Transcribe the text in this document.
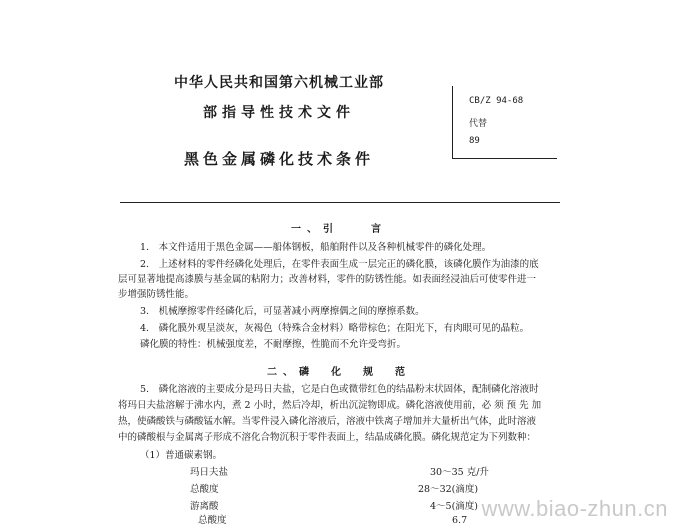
中华人民共和国第六机械工业部
部指导性技术文件
CB/Z 94-68
代替
89
黑色金属磷化技术条件
一、引　　言
1.　本文件适用于黑色金属——船体钢板，船舶附件以及各种机械零件的磷化处理。
2.　上述材料的零件经磷化处理后，在零件表面生成一层完正的磷化膜，该磷化膜作为油漆的底
层可显著地提高漆膜与基金属的粘附力；改善材料，零件的防锈性能。如表面经浸油后可使零件进一
步增强防锈性能。
3.　机械摩擦零件经磷化后，可显著减小两摩擦偶之间的摩擦系数。
4.　磷化膜外观呈淡灰，灰褐色（特殊合金材料）略带棕色；在阳光下，有肉眼可见的晶粒。
磷化膜的特性：机械强度差，不耐摩擦，性脆而不允许受弯折。
二、磷　化　规　范
5.　磷化溶液的主要成分是玛日夫盐，它是白色或微带红色的结晶粉末状固体，配制磷化溶液时
将玛日夫盐溶解于沸水内，煮 2 小时，然后冷却，析出沉淀物即成。磷化溶液使用前，必 须 预 先 加
热，使磷酸铁与磷酸锰水解。当零件浸入磷化溶液后，溶液中铁离子增加并大量析出气体，此时溶液
中的磷酸根与金属离子形成不溶化合物沉积于零件表面上，结晶成磷化膜。磷化规范定为下列数种：
（1）普通碳素钢。
玛日夫盐	30～35 克/升
总酸度	28～32(滴度)
游离酸	4～5(滴度)
总酸度	6.7 www.biao-zhun.cn
